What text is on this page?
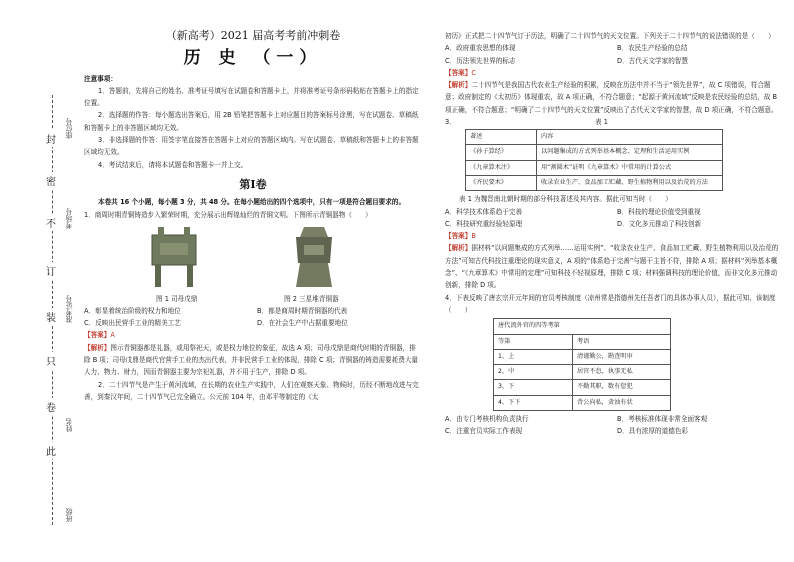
封
密
不
订
装
只
卷
此
座位号
考场号
准考证号
姓名
班级
（新高考）2021 届高考考前冲刺卷
历 史 （一）

注意事项：

1．答题前，先将自己的姓名、准考证号填写在试题卷和答题卡上，并将准考证号条形码粘贴在答题卡上的指定位置。

2．选择题的作答：每小题选出答案后，用 2B 铅笔把答题卡上对应题目的答案标号涂黑，写在试题卷、草稿纸和答题卡上的非答题区域均无效。

3．非选择题的作答：用签字笔直接答在答题卡上对应的答题区域内。写在试题卷、草稿纸和答题卡上的非答题区域均无效。

4．考试结束后，请将本试题卷和答题卡一并上交。

第Ⅰ卷

本卷共 16 个小题，每小题 3 分，共 48 分。在每小题给出的四个选项中，只有一项是符合题目要求的。

1．商周时期青铜铸造步入繁荣时期，充分展示出辉煌灿烂的青铜文明。下图所示青铜器物（　　）

图 1 司母戊鼎	图 2 三星堆青铜器
A．彰显着统治阶级的权力和地位	B．都是商周时期青铜器的代表
C．反映出民营手工业的精美工艺	D．在社会生产中占据重要地位

【答案】A

【解析】图示青铜器都是礼器，或用祭祀天，或是权力地位的象征，故选 A 项；司母戊鼎是商代时期的青铜器，排除 B 项；司母戊鼎是商代官营手工业的杰出代表，并非民营手工业的体现，排除 C 项；青铜器的铸造需要耗费大量人力、物力、财力，因而青铜器主要为宗祀礼器，并不用于生产，排除 D 项。

2．二十四节气是产生于黄河流域，在长期的农业生产实践中，人们在观察天象、物候时，历经不断地改进与完善，到秦汉年间，二十四节气已完全确立。公元前 104 年，由邓平等制定的《太

初历》正式把二十四节气订于历法，明确了二十四节气的天文位置。下列关于二十四节气的说法错误的是（　　）

A．政府重农思想的体现	B．农民生产经验的总结
C．历法领先世界的标志	D．古代天文学家的智慧

【答案】C

【解析】二十四节气是我国古代农业生产经验的积累，反映在历法中并不当于“领先世界”，故 C 项错误，符合题意；政府制定的《太初历》体现重农，故 A 项正确，不符合题意；“起源于黄河流域”反映是农民经验的总结，故 B 项正确，不符合题意；“明确了二十四节气的天文位置”反映出了古代天文学家的智慧，故 D 项正确，不符合题意。

3．	表 1
著述	内容
《孙子算经》	以问题集成的方式列举基本概念、定理和生活运用实例
《九章算术注》	用“割圆术”证明《九章算术》中常用的计算公式
《齐民要术》	收录农业生产、食品加工贮藏、野生植物利用以及治荒的方法

表 1 为魏晋南北朝时期的部分科技著述及其内容。据此可知当时（　　）

A．科学技术体系趋于完善	B．科技的理论价值受到重视
C．科技研究重经验轻原理	D．文化多元推动了科技创新

【答案】B

【解析】据材料“以问题集成的方式列举……运用实例”、“收录农业生产、食品加工贮藏、野生植物利用以及治荒的方法”可知古代科技注重理论的现实意义，A 项的“体系趋于完善”与题干主旨不符，排除 A 项；据材料“列举基本概念”、“《九章算术》中常用的定理”可知科技不轻视原理，排除 C 项；材料强调科技的理论价值，而非文化多元推动创新，排除 D 项。

4．下表反映了唐玄宗开元年间的官员考核制度（凉州常是指德州先任吾者门的具体办事人员），据此可知，该制度（　　）

唐代流外官的四等考第	
等第	考语
1、上	清谨勤公，勘查明审
2、中	居官不怠，执事无私
3、下	不勤其职，数有愆犯
4、下下	背公向私，贪浊有状
A．由专门考核机构负责执行	B．考核标准体现非常全面客观
C．注重官员实际工作表现	D．具有浓厚的道德色彩
